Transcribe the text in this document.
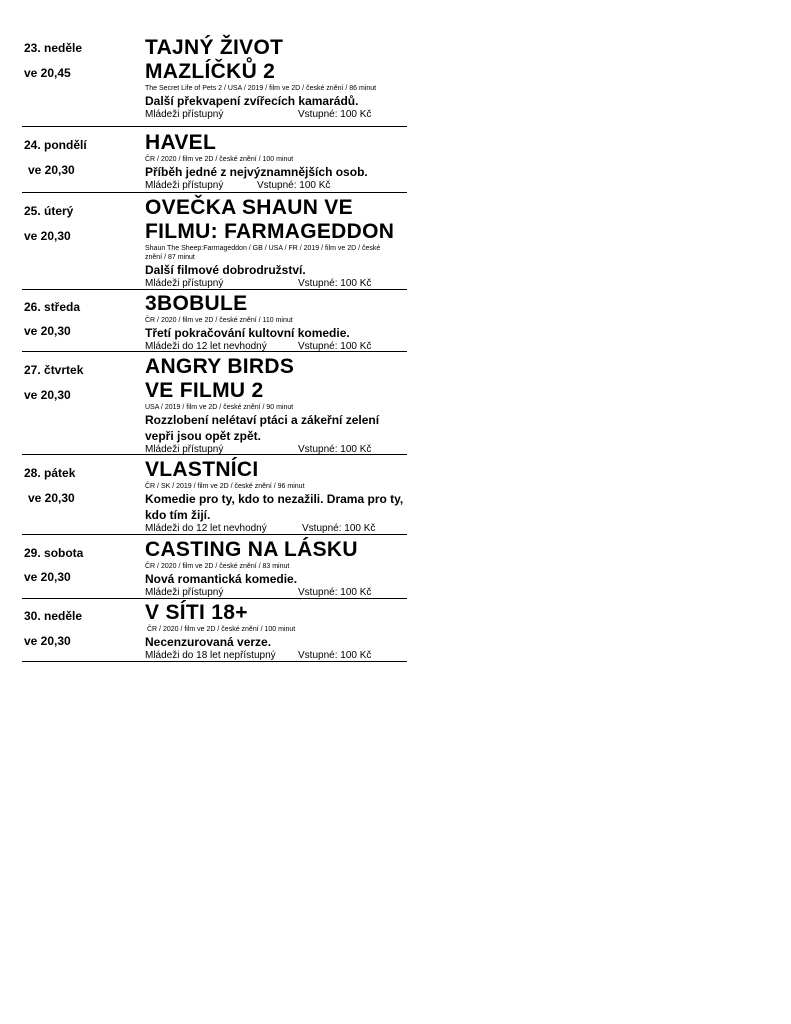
23. neděle
ve 20,45
TAJNÝ ŽIVOT
MAZLÍČKŮ 2
The Secret Life of Pets 2 / USA / 2019 / film ve 2D / české znění / 86 minut
Další překvapení zvířecích kamarádů.
Mládeži přístupný	Vstupné: 100 Kč
24. pondělí
ve 20,30
HAVEL
ČR / 2020 / film ve 2D / české znění / 100 minut
Příběh jedné z nejvýznamnějších osob.
Mládeži přístupný	Vstupné: 100 Kč
25. úterý
ve 20,30
OVEČKA SHAUN VE
FILMU: FARMAGEDDON
Shaun The Sheep:Farmageddon / GB / USA / FR / 2019 / film ve 2D / české znění / 87 minut
Další filmové dobrodružství.
Mládeži přístupný	Vstupné: 100 Kč
26. středa
ve 20,30
3BOBULE
ČR / 2020 / film ve 2D / české znění / 110 minut
Třetí pokračování kultovní komedie.
Mládeži do 12 let nevhodný	Vstupné: 100 Kč
27. čtvrtek
ve 20,30
ANGRY BIRDS
VE FILMU 2
USA / 2019 / film ve 2D / české znění / 90 minut
Rozzlobení nelétaví ptáci a zákeřní zelení vepři jsou opět zpět.
Mládeži přístupný	Vstupné: 100 Kč
28. pátek
ve 20,30
VLASTNÍCI
ČR / SK / 2019 / film ve 2D / české znění / 96 minut
Komedie pro ty, kdo to nezažili. Drama pro ty, kdo tím žijí.
Mládeži do 12 let nevhodný	Vstupné: 100 Kč
29. sobota
ve 20,30
CASTING NA LÁSKU
ČR / 2020 / film ve 2D / české znění / 83 minut
Nová romantická komedie.
Mládeži přístupný	Vstupné: 100 Kč
30. neděle
ve 20,30
V SÍTI 18+
ČR / 2020 / film ve 2D / české znění / 100 minut
Necenzurovaná verze.
Mládeži do 18 let nepřístupný Vstupné: 100 Kč
